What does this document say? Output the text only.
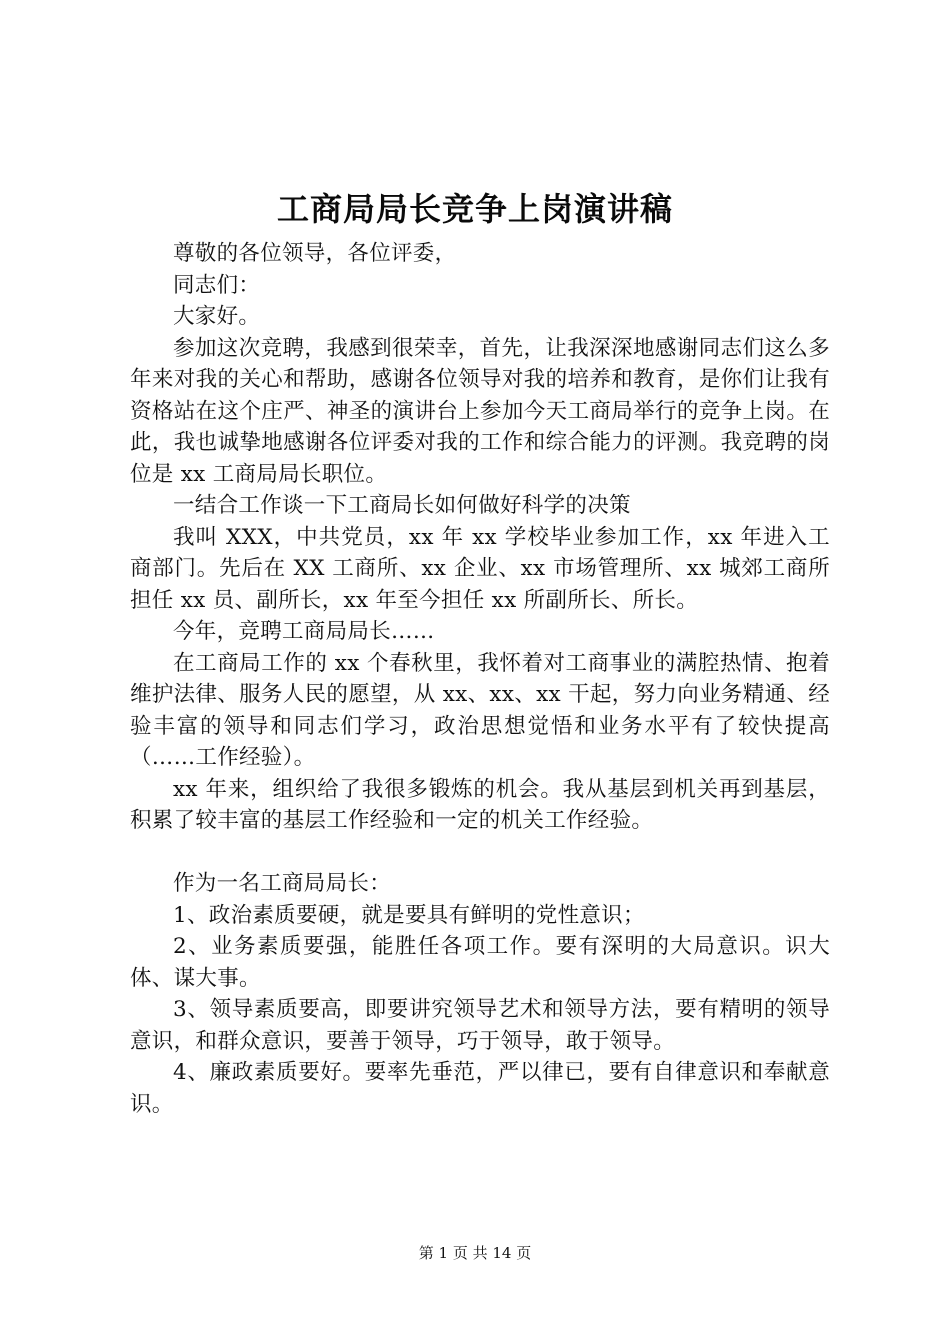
工商局局长竞争上岗演讲稿

尊敬的各位领导，各位评委，

同志们：

大家好。

参加这次竞聘，我感到很荣幸，首先，让我深深地感谢同志们这么多年来对我的关心和帮助，感谢各位领导对我的培养和教育，是你们让我有资格站在这个庄严、神圣的演讲台上参加今天工商局举行的竞争上岗。在此，我也诚挚地感谢各位评委对我的工作和综合能力的评测。我竞聘的岗位是 xx 工商局局长职位。

一结合工作谈一下工商局长如何做好科学的决策

我叫 XXX，中共党员，xx 年 xx 学校毕业参加工作，xx 年进入工商部门。先后在 XX 工商所、xx 企业、xx 市场管理所、xx 城郊工商所担任 xx 员、副所长，xx 年至今担任 xx 所副所长、所长。

今年，竞聘工商局局长……

在工商局工作的 xx 个春秋里，我怀着对工商事业的满腔热情、抱着维护法律、服务人民的愿望，从 xx、xx、xx 干起，努力向业务精通、经验丰富的领导和同志们学习，政治思想觉悟和业务水平有了较快提高（……工作经验）。

xx 年来，组织给了我很多锻炼的机会。我从基层到机关再到基层，积累了较丰富的基层工作经验和一定的机关工作经验。

作为一名工商局局长：

1、政治素质要硬，就是要具有鲜明的党性意识；

2、业务素质要强，能胜任各项工作。要有深明的大局意识。识大体、谋大事。

3、领导素质要高，即要讲究领导艺术和领导方法，要有精明的领导意识，和群众意识，要善于领导，巧于领导，敢于领导。

4、廉政素质要好。要率先垂范，严以律已，要有自律意识和奉献意识。

第 1 页 共 14 页
